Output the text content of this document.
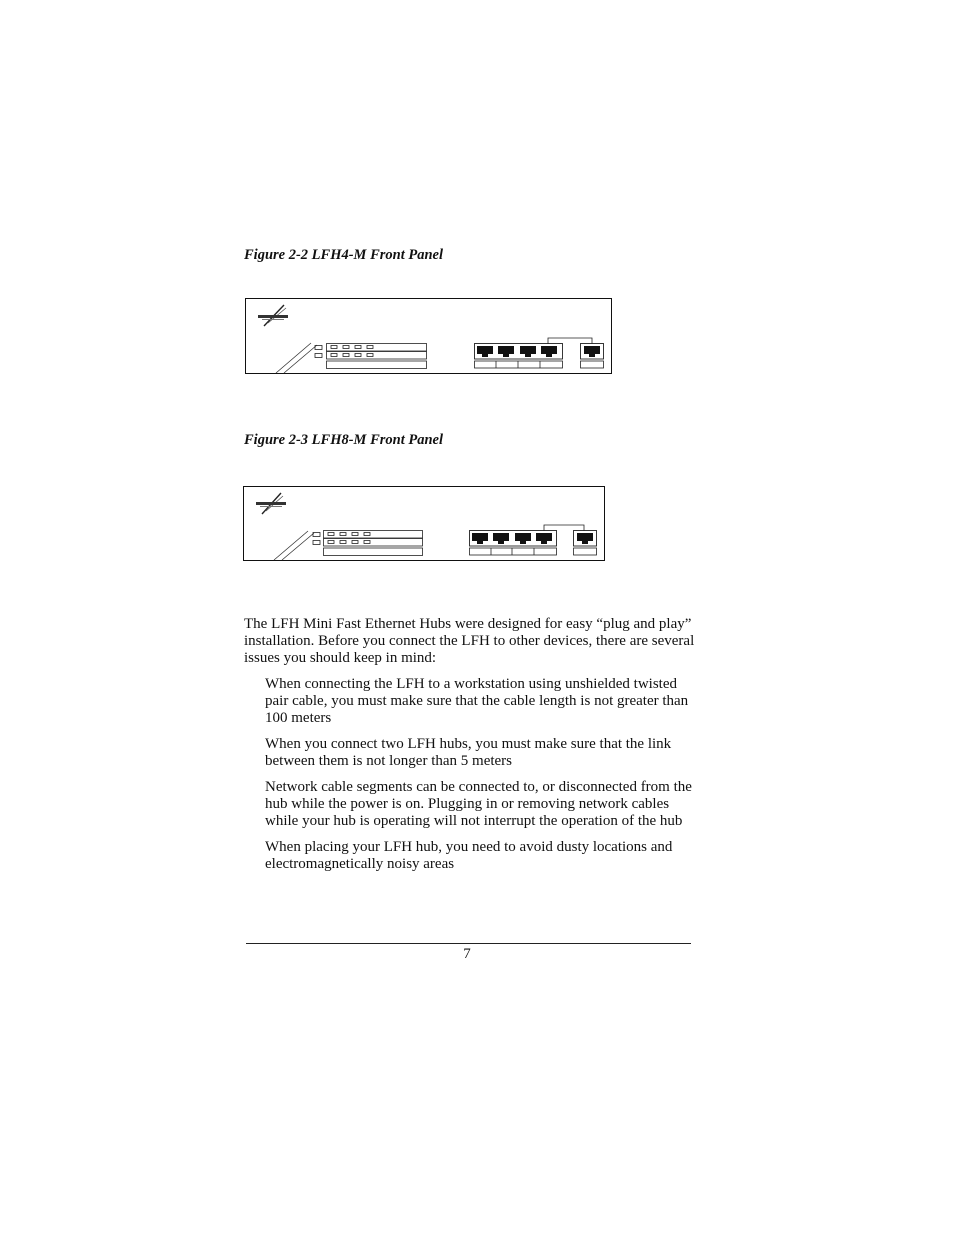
Figure 2-2 LFH4-M Front Panel
Figure 2-3 LFH8-M Front Panel

The LFH Mini Fast Ethernet Hubs were designed for easy “plug and play” installation. Before you connect the LFH to other devices, there are several issues you should keep in mind:

When connecting the LFH to a workstation using unshielded twisted pair cable, you must make sure that the cable length is not greater than 100 meters
When you connect two LFH hubs, you must make sure that the link between them is not longer than 5 meters
Network cable segments can be connected to, or disconnected from the hub while the power is on. Plugging in or removing network cables while your hub is operating will not interrupt the operation of the hub
When placing your LFH hub, you need to avoid dusty locations and electromagnetically noisy areas
7
